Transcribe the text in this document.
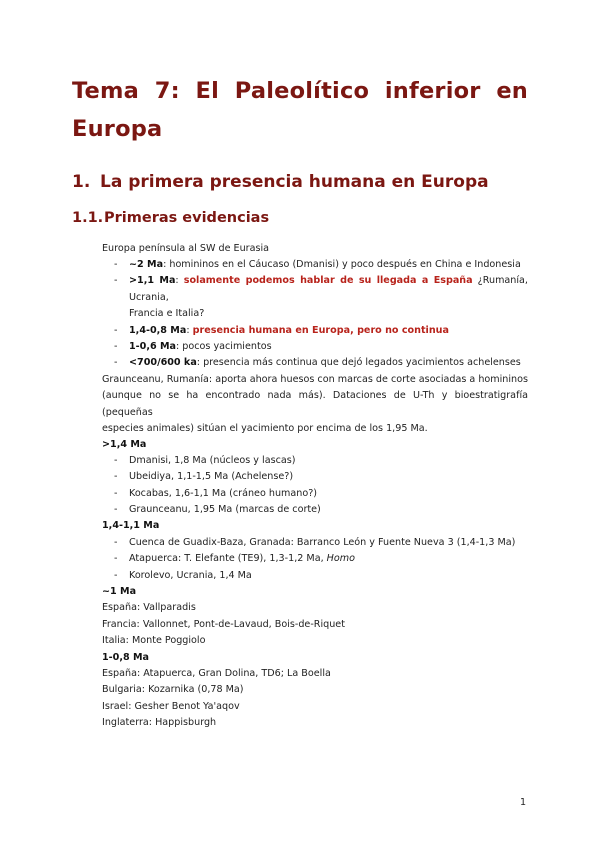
Tema 7: El Paleolítico inferior en
Europa
1. La primera presencia humana en Europa
1.1.Primeras evidencias
Europa península al SW de Eurasia
- ~2 Ma: homininos en el Cáucaso (Dmanisi) y poco después en China e Indonesia
- >1,1 Ma: solamente podemos hablar de su llegada a España ¿Rumanía, Ucrania,
Francia e Italia?
- 1,4-0,8 Ma: presencia humana en Europa, pero no continua
- 1-0,6 Ma: pocos yacimientos
- <700/600 ka: presencia más continua que dejó legados yacimientos achelenses
Graunceanu, Rumanía: aporta ahora huesos con marcas de corte asociadas a homininos
(aunque no se ha encontrado nada más). Dataciones de U-Th y bioestratigrafía (pequeñas
especies animales) sitúan el yacimiento por encima de los 1,95 Ma.
>1,4 Ma
- Dmanisi, 1,8 Ma (núcleos y lascas)
- Ubeidiya, 1,1-1,5 Ma (Achelense?)
- Kocabas, 1,6-1,1 Ma (cráneo humano?)
- Graunceanu, 1,95 Ma (marcas de corte)
1,4-1,1 Ma
- Cuenca de Guadix-Baza, Granada: Barranco León y Fuente Nueva 3 (1,4-1,3 Ma)
- Atapuerca: T. Elefante (TE9), 1,3-1,2 Ma, Homo
- Korolevo, Ucrania, 1,4 Ma
~1 Ma
España: Vallparadis
Francia: Vallonnet, Pont-de-Lavaud, Bois-de-Riquet
Italia: Monte Poggiolo
1-0,8 Ma
España: Atapuerca, Gran Dolina, TD6; La Boella
Bulgaria: Kozarnika (0,78 Ma)
Israel: Gesher Benot Ya'aqov
Inglaterra: Happisburgh
1
